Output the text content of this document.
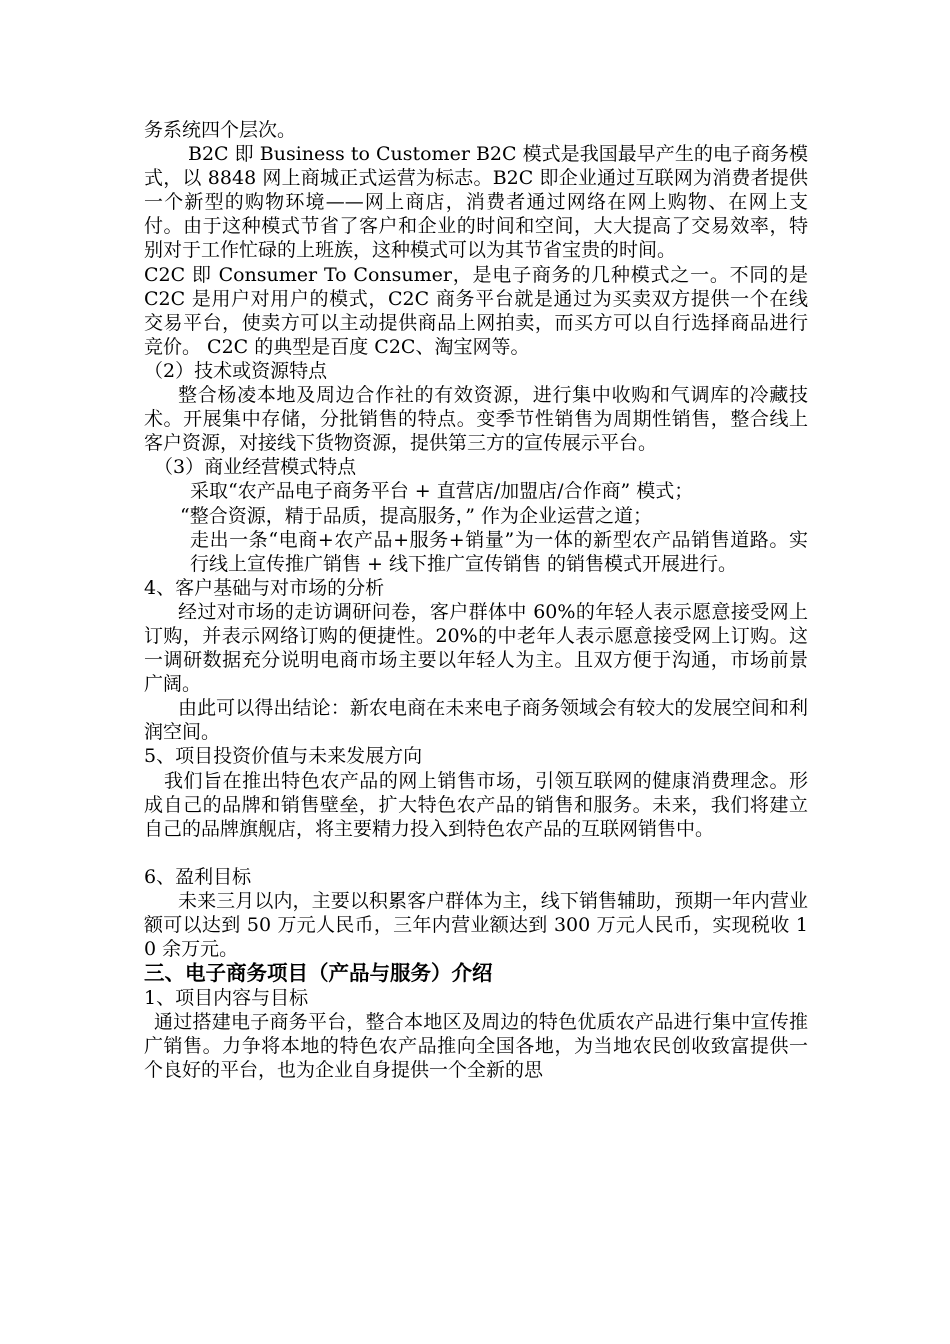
务系统四个层次。

B2C 即 Business to Customer B2C 模式是我国最早产生的电子商务模式，以 8848 网上商城正式运营为标志。B2C 即企业通过互联网为消费者提供一个新型的购物环境——网上商店，消费者通过网络在网上购物、在网上支付。由于这种模式节省了客户和企业的时间和空间，大大提高了交易效率，特别对于工作忙碌的上班族，这种模式可以为其节省宝贵的时间。

C2C 即 Consumer To Consumer，是电子商务的几种模式之一。不同的是 C2C 是用户对用户的模式，C2C 商务平台就是通过为买卖双方提供一个在线交易平台，使卖方可以主动提供商品上网拍卖，而买方可以自行选择商品进行竞价。 C2C 的典型是百度 C2C、淘宝网等。

（2）技术或资源特点

整合杨凌本地及周边合作社的有效资源，进行集中收购和气调库的冷藏技术。开展集中存储，分批销售的特点。变季节性销售为周期性销售，整合线上客户资源，对接线下货物资源，提供第三方的宣传展示平台。

（3）商业经营模式特点

采取“农产品电子商务平台 + 直营店/加盟店/合作商” 模式；

“整合资源，精于品质，提高服务，” 作为企业运营之道；

走出一条“电商+农产品+服务+销量”为一体的新型农产品销售道路。实行线上宣传推广销售 + 线下推广宣传销售 的销售模式开展进行。

4、客户基础与对市场的分析

经过对市场的走访调研问卷，客户群体中 60%的年轻人表示愿意接受网上订购，并表示网络订购的便捷性。20%的中老年人表示愿意接受网上订购。这一调研数据充分说明电商市场主要以年轻人为主。且双方便于沟通，市场前景广阔。

由此可以得出结论：新农电商在未来电子商务领域会有较大的发展空间和利润空间。

5、项目投资价值与未来发展方向

我们旨在推出特色农产品的网上销售市场，引领互联网的健康消费理念。形成自己的品牌和销售壁垒，扩大特色农产品的销售和服务。未来，我们将建立自己的品牌旗舰店，将主要精力投入到特色农产品的互联网销售中。

6、盈利目标

未来三月以内，主要以积累客户群体为主，线下销售辅助，预期一年内营业额可以达到 50 万元人民币，三年内营业额达到 300 万元人民币，实现税收 10 余万元。

三、电子商务项目（产品与服务）介绍

1、项目内容与目标

通过搭建电子商务平台，整合本地区及周边的特色优质农产品进行集中宣传推广销售。力争将本地的特色农产品推向全国各地，为当地农民创收致富提供一个良好的平台，也为企业自身提供一个全新的思
